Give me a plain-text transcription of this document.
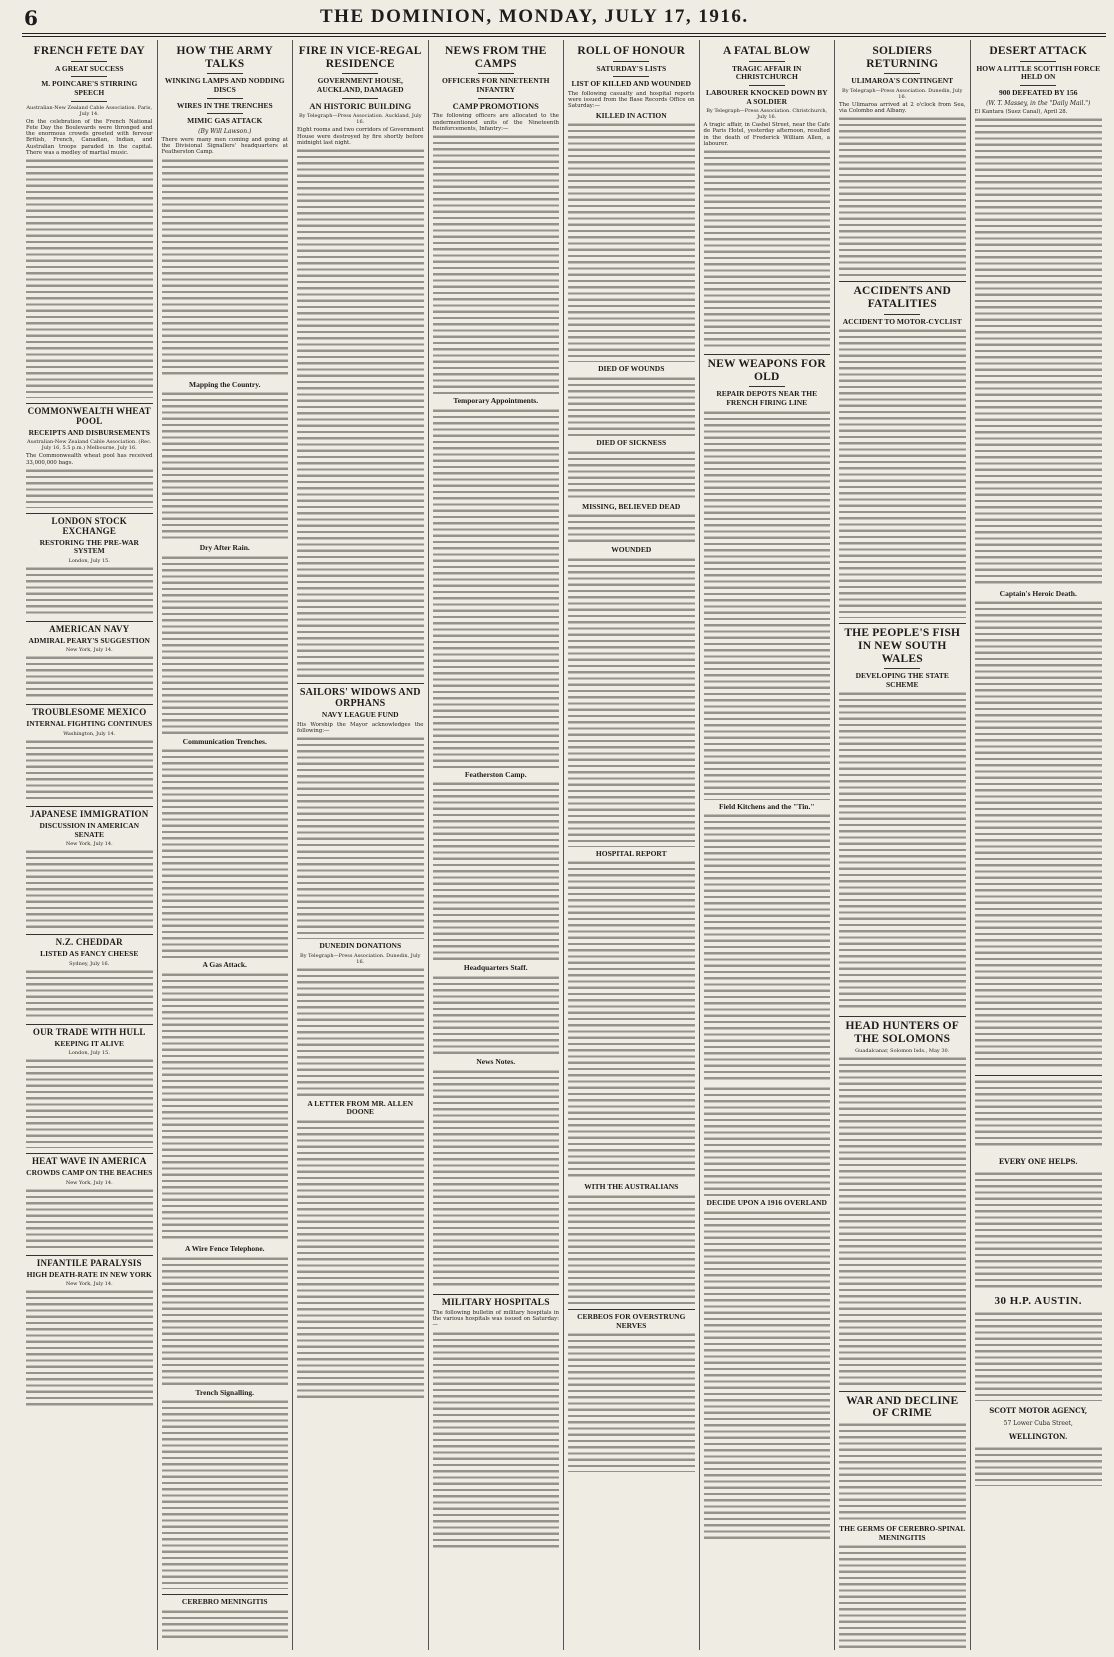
6	THE DOMINION, MONDAY, JULY 17, 1916.
FRENCH FETE DAY
A GREAT SUCCESS
M. POINCARE'S STIRRING SPEECH
Australian-New Zealand Cable Association. Paris, July 14.
On the celebration of the French National Fete Day the Boulevards were thronged and the enormous crowds greeted with fervour British, French, Canadian, Indian, and Australian troops paraded in the capital. There was a medley of martial music.
COMMONWEALTH WHEAT POOL
RECEIPTS AND DISBURSEMENTS
Australian-New Zealand Cable Association. (Rec. July 16, 5.5 p.m.) Melbourne, July 16.
The Commonwealth wheat pool has received 33,000,000 bags.
LONDON STOCK EXCHANGE
RESTORING THE PRE-WAR SYSTEM
London, July 15.
AMERICAN NAVY
ADMIRAL PEARY'S SUGGESTION
New York, July 14.
TROUBLESOME MEXICO
INTERNAL FIGHTING CONTINUES
Washington, July 14.
JAPANESE IMMIGRATION
DISCUSSION IN AMERICAN SENATE
New York, July 14.
N.Z. CHEDDAR
LISTED AS FANCY CHEESE
Sydney, July 16.
OUR TRADE WITH HULL
KEEPING IT ALIVE
London, July 15.
HEAT WAVE IN AMERICA
CROWDS CAMP ON THE BEACHES
New York, July 14.
INFANTILE PARALYSIS
HIGH DEATH-RATE IN NEW YORK
New York, July 14.
HOW THE ARMY TALKS
WINKING LAMPS AND NODDING DISCS
WIRES IN THE TRENCHES
MIMIC GAS ATTACK
(By Will Lawson.)
There were many men coming and going at the Divisional Signallers' headquarters at Featherston Camp.
Mapping the Country.
Dry After Rain.
Communication Trenches.
A Gas Attack.
A Wire Fence Telephone.
Trench Signalling.
CEREBRO MENINGITIS
FIRE IN VICE-REGAL RESIDENCE
GOVERNMENT HOUSE, AUCKLAND, DAMAGED
AN HISTORIC BUILDING
By Telegraph—Press Association. Auckland, July 16.
Eight rooms and two corridors of Government House were destroyed by fire shortly before midnight last night.
SAILORS' WIDOWS AND ORPHANS
NAVY LEAGUE FUND
His Worship the Mayor acknowledges the following:—
DUNEDIN DONATIONS
By Telegraph—Press Association. Dunedin, July 16.
A LETTER FROM MR. ALLEN DOONE
NEWS FROM THE CAMPS
OFFICERS FOR NINETEENTH INFANTRY
CAMP PROMOTIONS
The following officers are allocated to the undermentioned units of the Nineteenth Reinforcements, Infantry:—
Temporary Appointments.
Featherston Camp.
Headquarters Staff.
News Notes.
MILITARY HOSPITALS
The following bulletin of military hospitals in the various hospitals was issued on Saturday:—
ROLL OF HONOUR
SATURDAY'S LISTS
LIST OF KILLED AND WOUNDED
The following casualty and hospital reports were issued from the Base Records Office on Saturday:—
KILLED IN ACTION
DIED OF WOUNDS
DIED OF SICKNESS
MISSING, BELIEVED DEAD
WOUNDED
HOSPITAL REPORT
WITH THE AUSTRALIANS
CERBEOS FOR OVERSTRUNG NERVES
A FATAL BLOW
TRAGIC AFFAIR IN CHRISTCHURCH
LABOURER KNOCKED DOWN BY A SOLDIER
By Telegraph—Press Association. Christchurch, July 16.
A tragic affair, in Cashel Street, near the Cafe de Paris Hotel, yesterday afternoon, resulted in the death of Frederick William Allen, a labourer.
NEW WEAPONS FOR OLD
REPAIR DEPOTS NEAR THE FRENCH FIRING LINE
Field Kitchens and the "Tin."
DECIDE UPON A 1916 OVERLAND
SOLDIERS RETURNING
ULIMAROA'S CONTINGENT
By Telegraph—Press Association. Dunedin, July 16.
The Ulimaroa arrived at 2 o'clock from Sea, via Colombo and Albany.
ACCIDENTS AND FATALITIES
ACCIDENT TO MOTOR-CYCLIST
THE PEOPLE'S FISH IN NEW SOUTH WALES
DEVELOPING THE STATE SCHEME
HEAD HUNTERS OF THE SOLOMONS
Guadalcanar, Solomon Isds., May 30.
WAR AND DECLINE OF CRIME
THE GERMS OF CEREBRO-SPINAL MENINGITIS
DESERT ATTACK
HOW A LITTLE SCOTTISH FORCE HELD ON
900 DEFEATED BY 156
(W. T. Massey, in the "Daily Mail.")
El Kantara (Suez Canal), April 28.
Captain's Heroic Death.
EVERY ONE HELPS.
30 H.P. AUSTIN.
SCOTT MOTOR AGENCY,
57 Lower Cuba Street,
WELLINGTON.
